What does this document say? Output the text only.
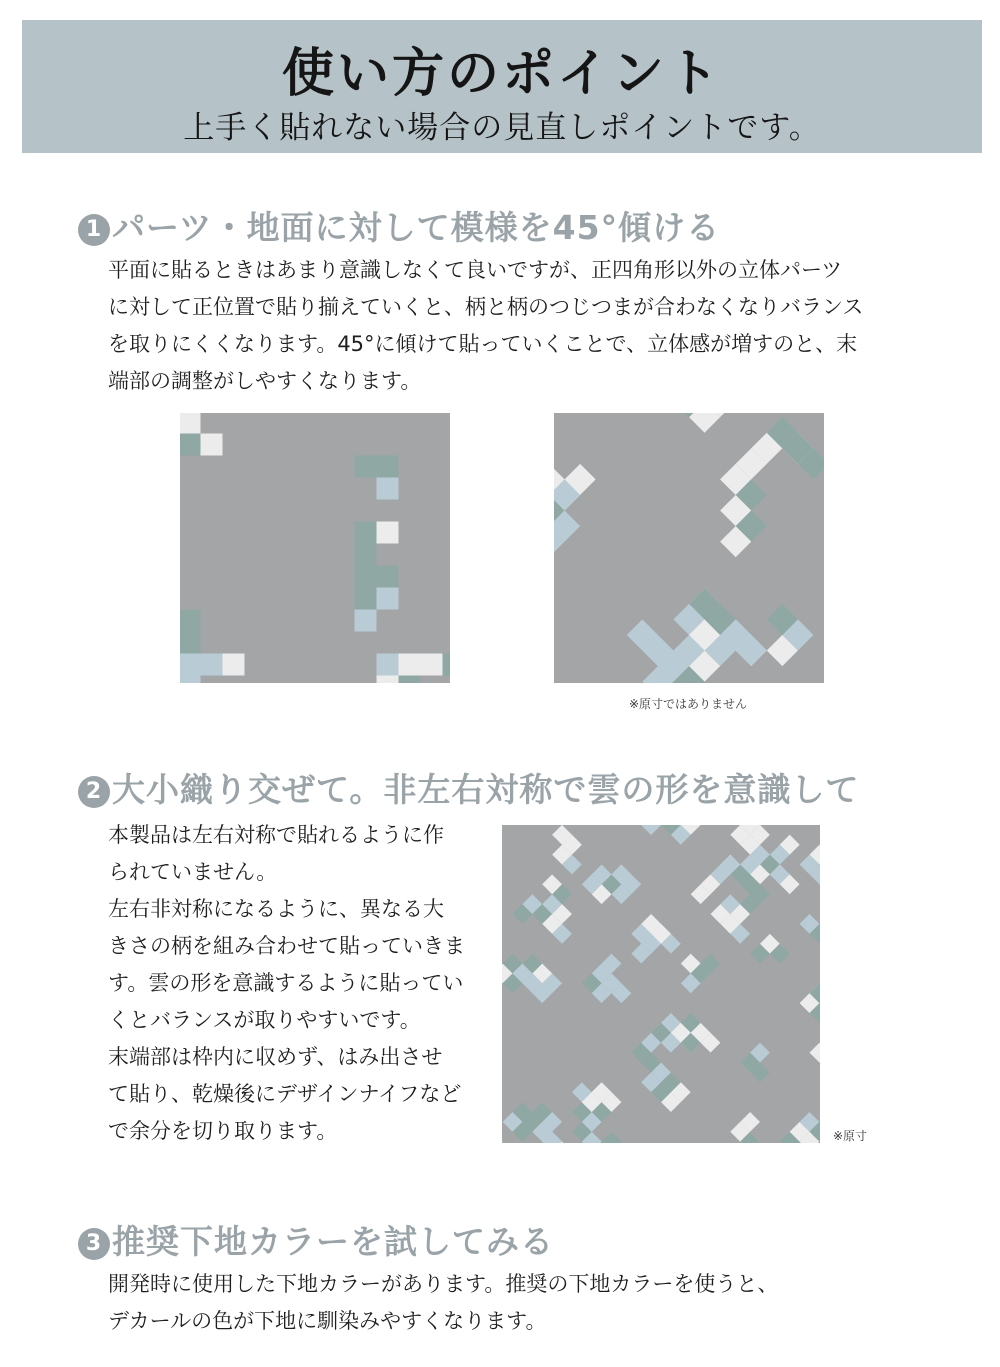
使い方のポイント
上手く貼れない場合の見直しポイントです。
1 パーツ・地面に対して模様を45°傾ける
平面に貼るときはあまり意識しなくて良いですが、正四角形以外の立体パーツ
に対して正位置で貼り揃えていくと、柄と柄のつじつまが合わなくなりバランス
を取りにくくなります。45°に傾けて貼っていくことで、立体感が増すのと、末
端部の調整がしやすくなります。
※原寸ではありません
2 大小織り交ぜて。非左右対称で雲の形を意識して
本製品は左右対称で貼れるように作
られていません。
左右非対称になるように、異なる大
きさの柄を組み合わせて貼っていきま
す。雲の形を意識するように貼ってい
くとバランスが取りやすいです。
末端部は枠内に収めず、はみ出させ
て貼り、乾燥後にデザインナイフなど
で余分を切り取ります。	※原寸
3 推奨下地カラーを試してみる
開発時に使用した下地カラーがあります。推奨の下地カラーを使うと、
デカールの色が下地に馴染みやすくなります。
